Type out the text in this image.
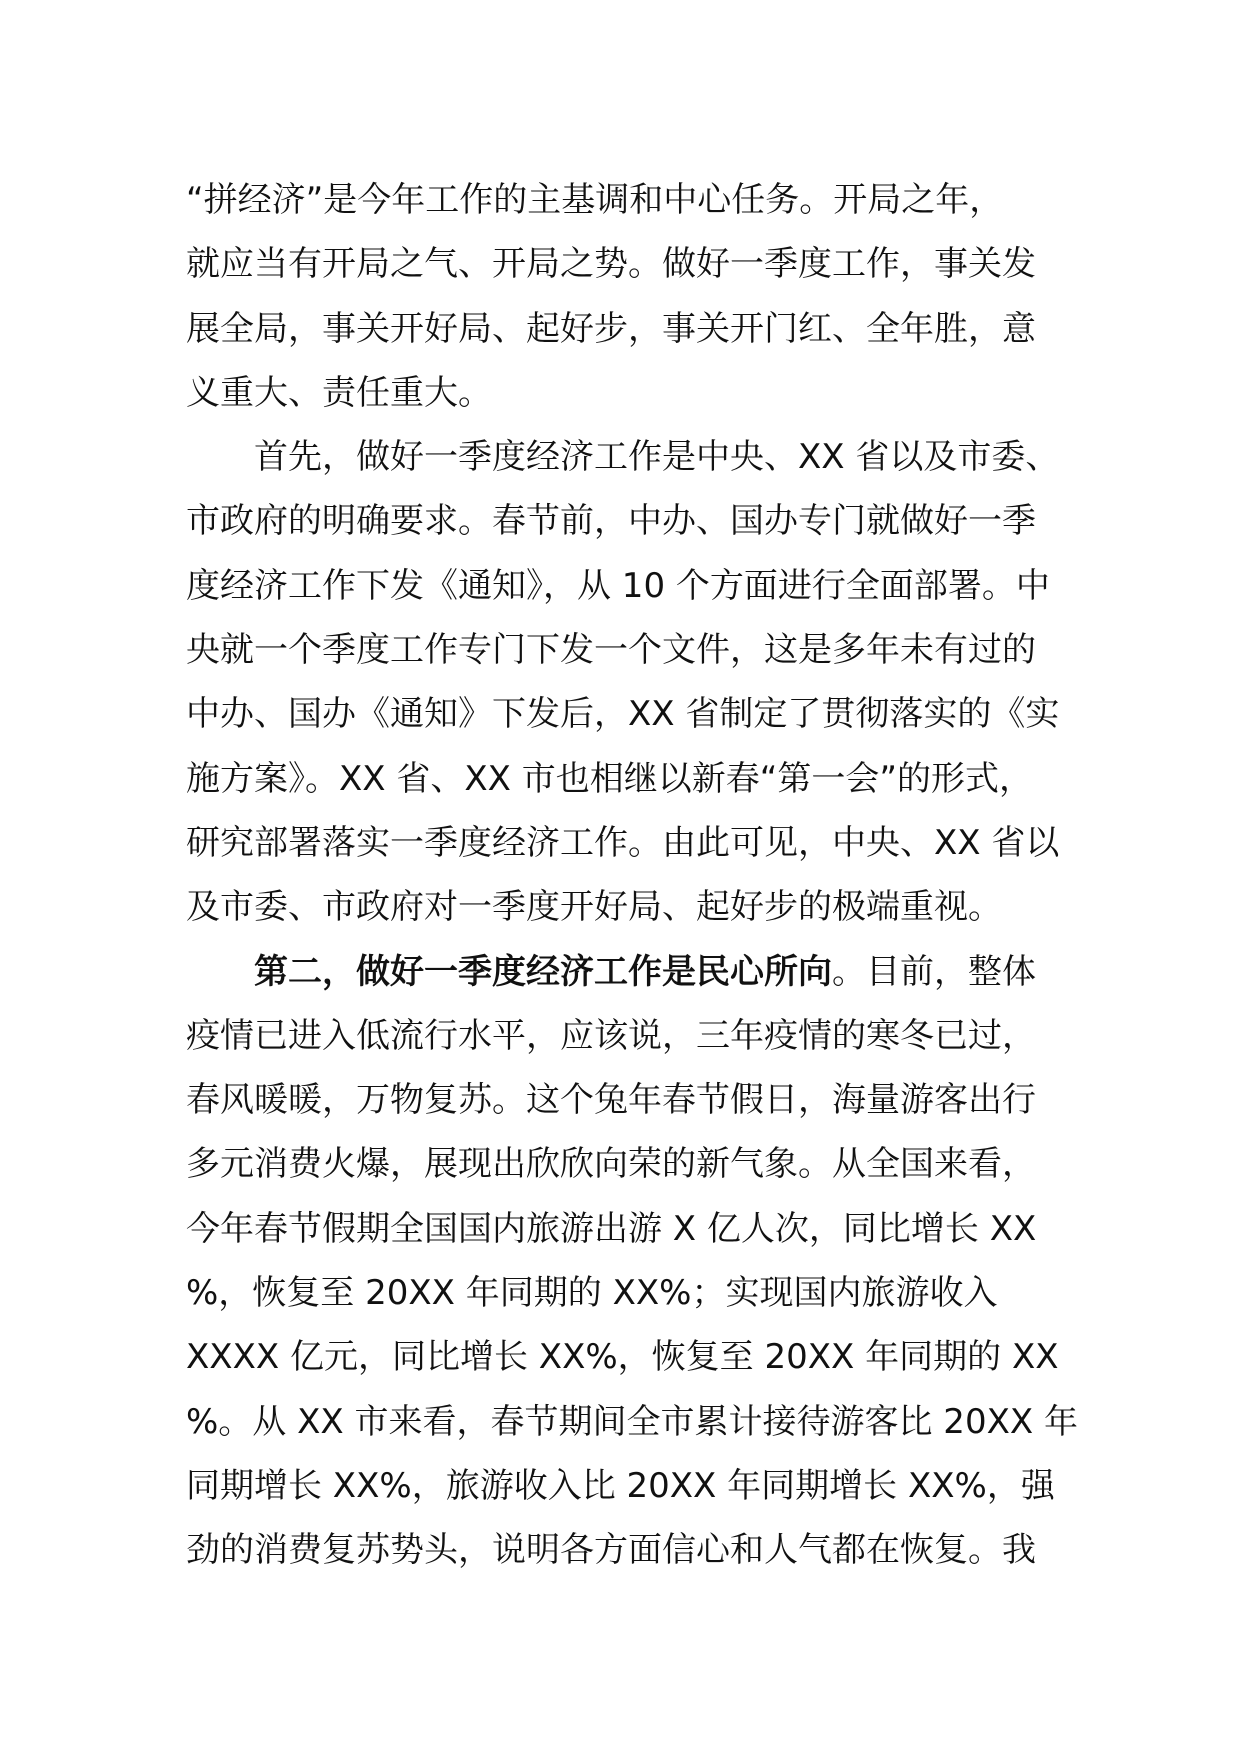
“拼经济”是今年工作的主基调和中心任务。开局之年，
就应当有开局之气、开局之势。做好一季度工作，事关发
展全局，事关开好局、起好步，事关开门红、全年胜，意
义重大、责任重大。
首先，做好一季度经济工作是中央、XX 省以及市委、
市政府的明确要求。春节前，中办、国办专门就做好一季
度经济工作下发《通知》，从 10 个方面进行全面部署。中
央就一个季度工作专门下发一个文件，这是多年未有过的
中办、国办《通知》下发后，XX 省制定了贯彻落实的《实
施方案》。XX 省、XX 市也相继以新春“第一会”的形式，
研究部署落实一季度经济工作。由此可见，中央、XX 省以
及市委、市政府对一季度开好局、起好步的极端重视。
第二，做好一季度经济工作是民心所向。目前，整体
疫情已进入低流行水平，应该说，三年疫情的寒冬已过，
春风暖暖，万物复苏。这个兔年春节假日，海量游客出行
多元消费火爆，展现出欣欣向荣的新气象。从全国来看，
今年春节假期全国国内旅游出游 X 亿人次，同比增长 XX
%，恢复至 20XX 年同期的 XX%；实现国内旅游收入
XXXX 亿元，同比增长 XX%，恢复至 20XX 年同期的 XX
%。从 XX 市来看，春节期间全市累计接待游客比 20XX 年
同期增长 XX%，旅游收入比 20XX 年同期增长 XX%，强
劲的消费复苏势头，说明各方面信心和人气都在恢复。我
